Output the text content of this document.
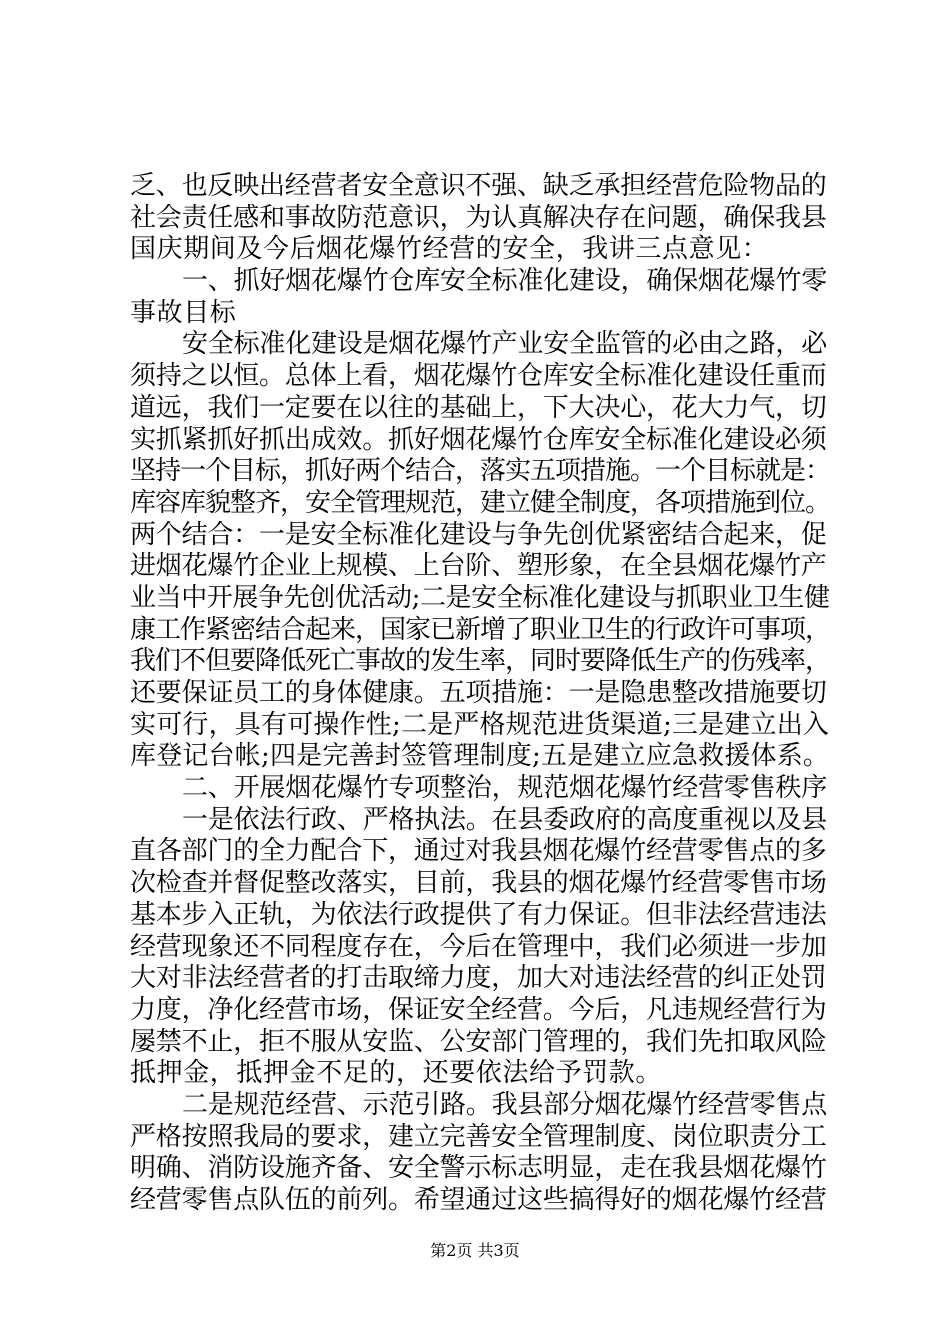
乏、也反映出经营者安全意识不强、缺乏承担经营危险物品的
社会责任感和事故防范意识，为认真解决存在问题，确保我县
国庆期间及今后烟花爆竹经营的安全，我讲三点意见：
一、抓好烟花爆竹仓库安全标准化建设，确保烟花爆竹零
事故目标
安全标准化建设是烟花爆竹产业安全监管的必由之路，必
须持之以恒。总体上看，烟花爆竹仓库安全标准化建设任重而
道远，我们一定要在以往的基础上，下大决心，花大力气，切
实抓紧抓好抓出成效。抓好烟花爆竹仓库安全标准化建设必须
坚持一个目标，抓好两个结合，落实五项措施。一个目标就是：
库容库貌整齐，安全管理规范，建立健全制度，各项措施到位。
两个结合：一是安全标准化建设与争先创优紧密结合起来，促
进烟花爆竹企业上规模、上台阶、塑形象，在全县烟花爆竹产
业当中开展争先创优活动;二是安全标准化建设与抓职业卫生健
康工作紧密结合起来，国家已新增了职业卫生的行政许可事项，
我们不但要降低死亡事故的发生率，同时要降低生产的伤残率，
还要保证员工的身体健康。五项措施：一是隐患整改措施要切
实可行，具有可操作性;二是严格规范进货渠道;三是建立出入
库登记台帐;四是完善封签管理制度;五是建立应急救援体系。
二、开展烟花爆竹专项整治，规范烟花爆竹经营零售秩序
一是依法行政、严格执法。在县委政府的高度重视以及县
直各部门的全力配合下，通过对我县烟花爆竹经营零售点的多
次检查并督促整改落实，目前，我县的烟花爆竹经营零售市场
基本步入正轨，为依法行政提供了有力保证。但非法经营违法
经营现象还不同程度存在，今后在管理中，我们必须进一步加
大对非法经营者的打击取缔力度，加大对违法经营的纠正处罚
力度，净化经营市场，保证安全经营。今后，凡违规经营行为
屡禁不止，拒不服从安监、公安部门管理的，我们先扣取风险
抵押金，抵押金不足的，还要依法给予罚款。
二是规范经营、示范引路。我县部分烟花爆竹经营零售点
严格按照我局的要求，建立完善安全管理制度、岗位职责分工
明确、消防设施齐备、安全警示标志明显，走在我县烟花爆竹
经营零售点队伍的前列。希望通过这些搞得好的烟花爆竹经营
第2页 共3页
